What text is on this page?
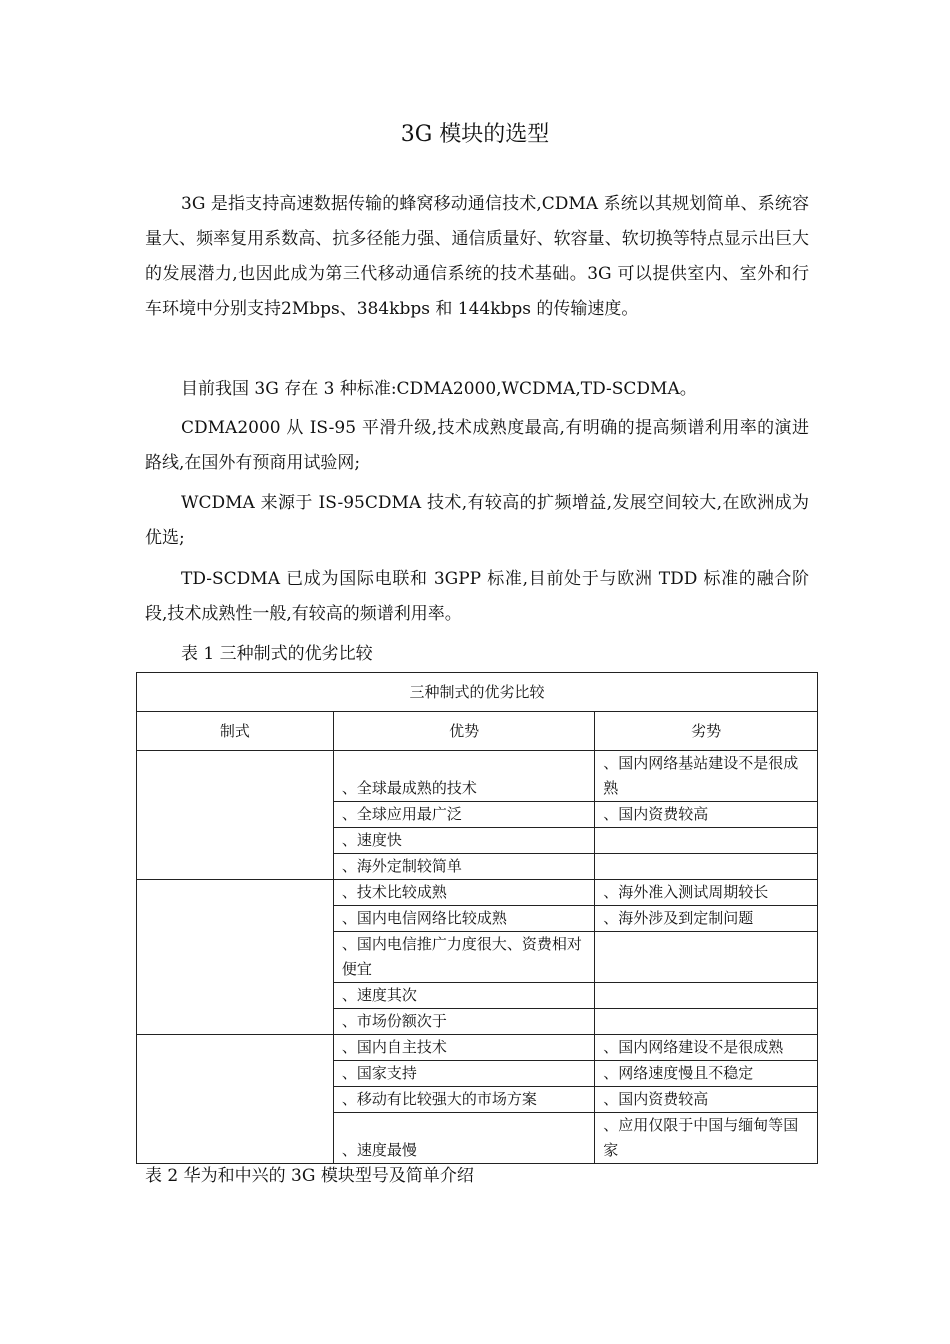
3G 模块的选型

3G 是指支持高速数据传输的蜂窝移动通信技术,CDMA 系统以其规划简单、系统容量大、频率复用系数高、抗多径能力强、通信质量好、软容量、软切换等特点显示出巨大的发展潜力,也因此成为第三代移动通信系统的技术基础。3G 可以提供室内、室外和行车环境中分别支持2Mbps、384kbps 和 144kbps 的传输速度。

目前我国 3G 存在 3 种标准:CDMA2000,WCDMA,TD-SCDMA。

CDMA2000 从 IS-95 平滑升级,技术成熟度最高,有明确的提高频谱利用率的演进路线,在国外有预商用试验网;

WCDMA 来源于 IS-95CDMA 技术,有较高的扩频增益,发展空间较大,在欧洲成为优选;

TD-SCDMA 已成为国际电联和 3GPP 标准,目前处于与欧洲 TDD 标准的融合阶段,技术成熟性一般,有较高的频谱利用率。

表 1 三种制式的优劣比较
三种制式的优劣比较		
制式	优势	劣势
	、全球最成熟的技术	、国内网络基站建设不是很成熟
	、全球应用最广泛	、国内资费较高
	、速度快	
	、海外定制较简单	
	、技术比较成熟	、海外准入测试周期较长
	、国内电信网络比较成熟	、海外涉及到定制问题
	、国内电信推广力度很大、资费相对便宜	
	、速度其次	
	、市场份额次于	
	、国内自主技术	、国内网络建设不是很成熟
	、国家支持	、网络速度慢且不稳定
	、移动有比较强大的市场方案	、国内资费较高
	、速度最慢	、应用仅限于中国与缅甸等国家
表 2 华为和中兴的 3G 模块型号及简单介绍
